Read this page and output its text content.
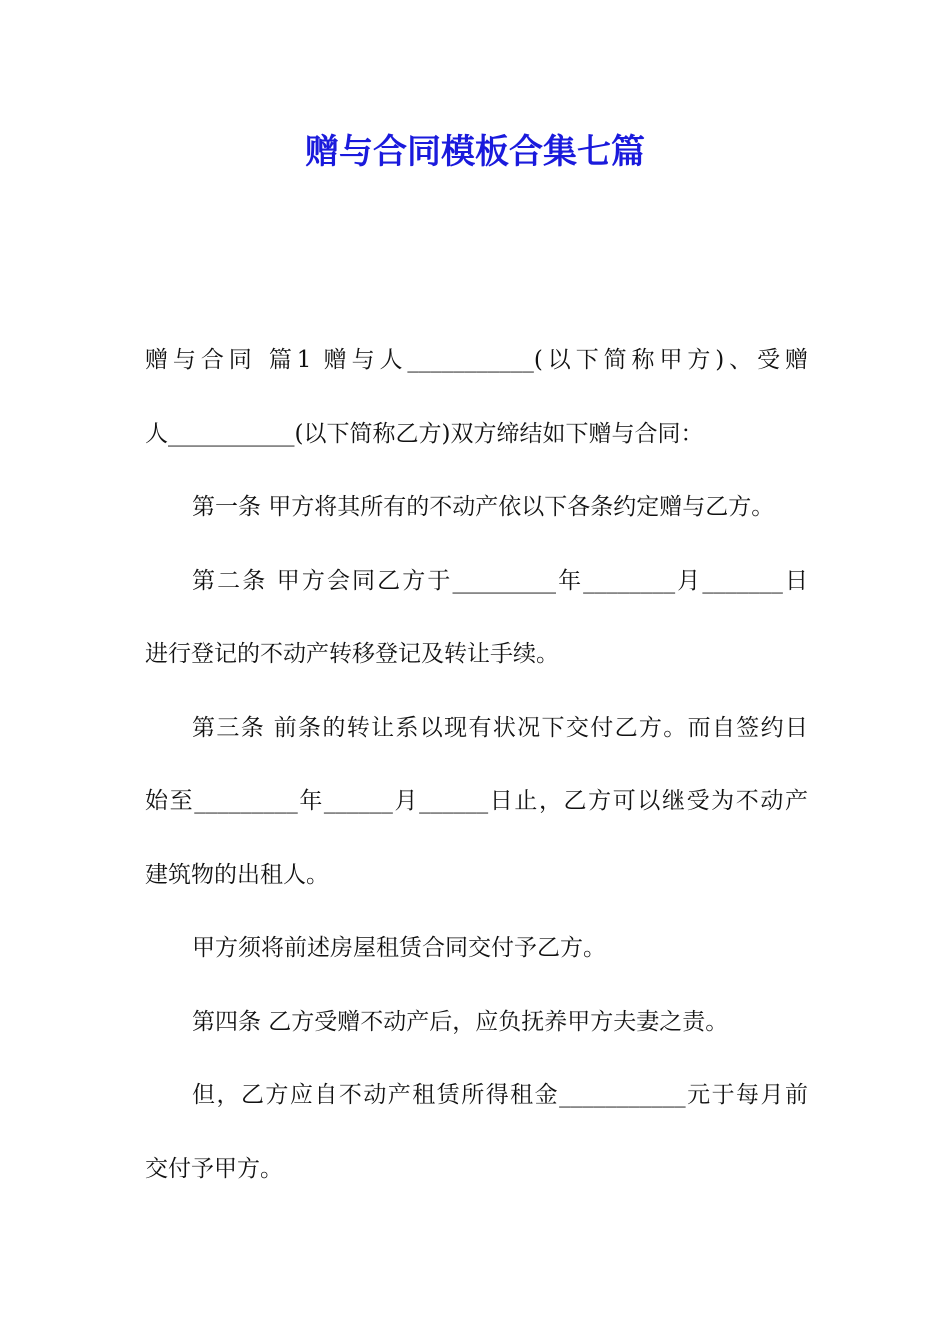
赠与合同模板合集七篇
赠与合同 篇1 赠与人___________(以下简称甲方)、受赠
人___________(以下简称乙方)双方缔结如下赠与合同：
第一条 甲方将其所有的不动产依以下各条约定赠与乙方。
第二条 甲方会同乙方于_________年________月_______日
进行登记的不动产转移登记及转让手续。
第三条 前条的转让系以现有状况下交付乙方。而自签约日
始至_________年______月______日止，乙方可以继受为不动产
建筑物的出租人。
甲方须将前述房屋租赁合同交付予乙方。
第四条 乙方受赠不动产后，应负抚养甲方夫妻之责。
但，乙方应自不动产租赁所得租金___________元于每月前
交付予甲方。
